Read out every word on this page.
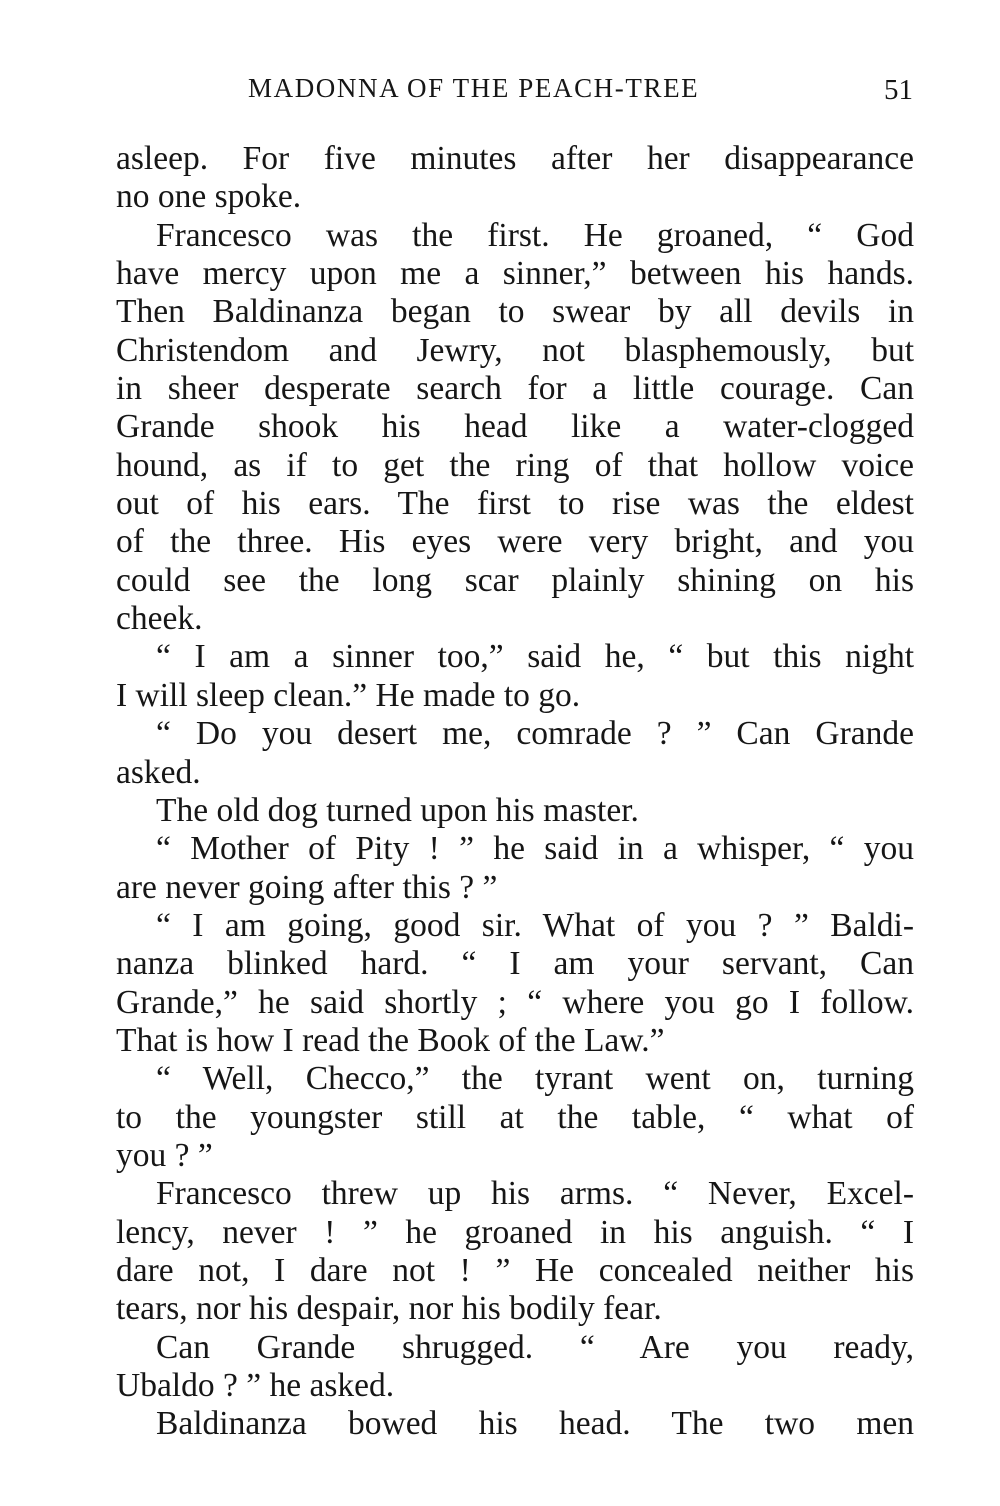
MADONNA OF THE PEACH-TREE	51
asleep. For five minutes after her disappearance
no one spoke.
Francesco was the first. He groaned, “ God
have mercy upon me a sinner,” between his hands.
Then Baldinanza began to swear by all devils in
Christendom and Jewry, not blasphemously, but
in sheer desperate search for a little courage. Can
Grande shook his head like a water-clogged
hound, as if to get the ring of that hollow voice
out of his ears. The first to rise was the eldest
of the three. His eyes were very bright, and you
could see the long scar plainly shining on his
cheek.
“ I am a sinner too,” said he, “ but this night
I will sleep clean.” He made to go.
“ Do you desert me, comrade ? ” Can Grande
asked.
The old dog turned upon his master.
“ Mother of Pity ! ” he said in a whisper, “ you
are never going after this ? ”
“ I am going, good sir. What of you ? ” Baldi-
nanza blinked hard. “ I am your servant, Can
Grande,” he said shortly ; “ where you go I follow.
That is how I read the Book of the Law.”
“ Well, Checco,” the tyrant went on, turning
to the youngster still at the table, “ what of
you ? ”
Francesco threw up his arms. “ Never, Excel-
lency, never ! ” he groaned in his anguish. “ I
dare not, I dare not ! ” He concealed neither his
tears, nor his despair, nor his bodily fear.
Can Grande shrugged. “ Are you ready,
Ubaldo ? ” he asked.
Baldinanza bowed his head. The two men
